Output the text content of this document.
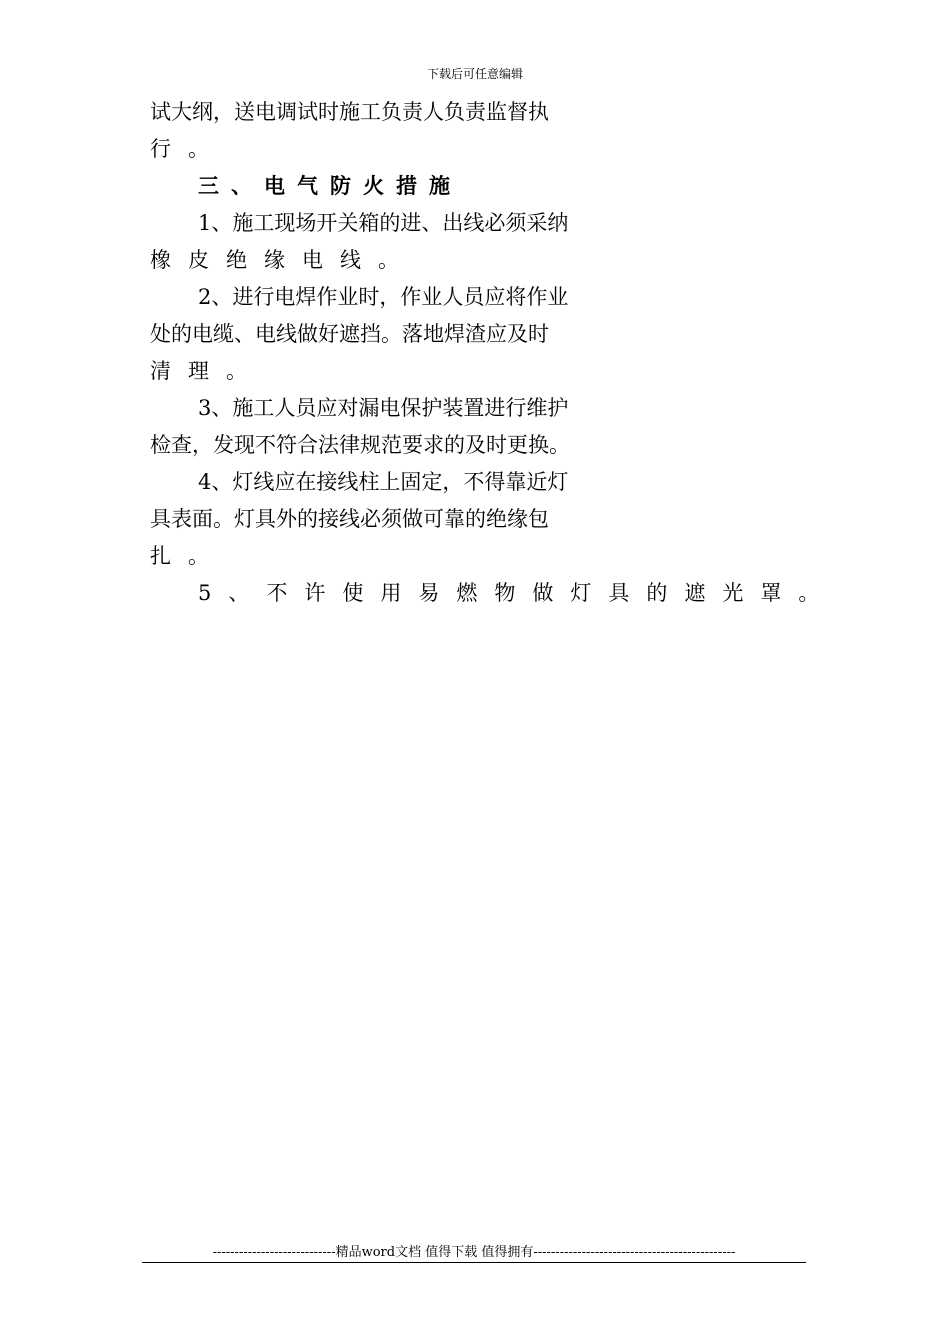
下载后可任意编辑
试大纲，送电调试时施工负责人负责监督执
行。
三、电气防火措施
1、施工现场开关箱的进、出线必须采纳
橡皮绝缘电线。
2、进行电焊作业时，作业人员应将作业
处的电缆、电线做好遮挡。落地焊渣应及时
清理。
3、施工人员应对漏电保护装置进行维护
检查，发现不符合法律规范要求的及时更换。
4、灯线应在接线柱上固定，不得靠近灯
具表面。灯具外的接线必须做可靠的绝缘包
扎。
5、不许使用易燃物做灯具的遮光罩。
----------------------------精品word文档 值得下载 值得拥有----------------------------------------------
